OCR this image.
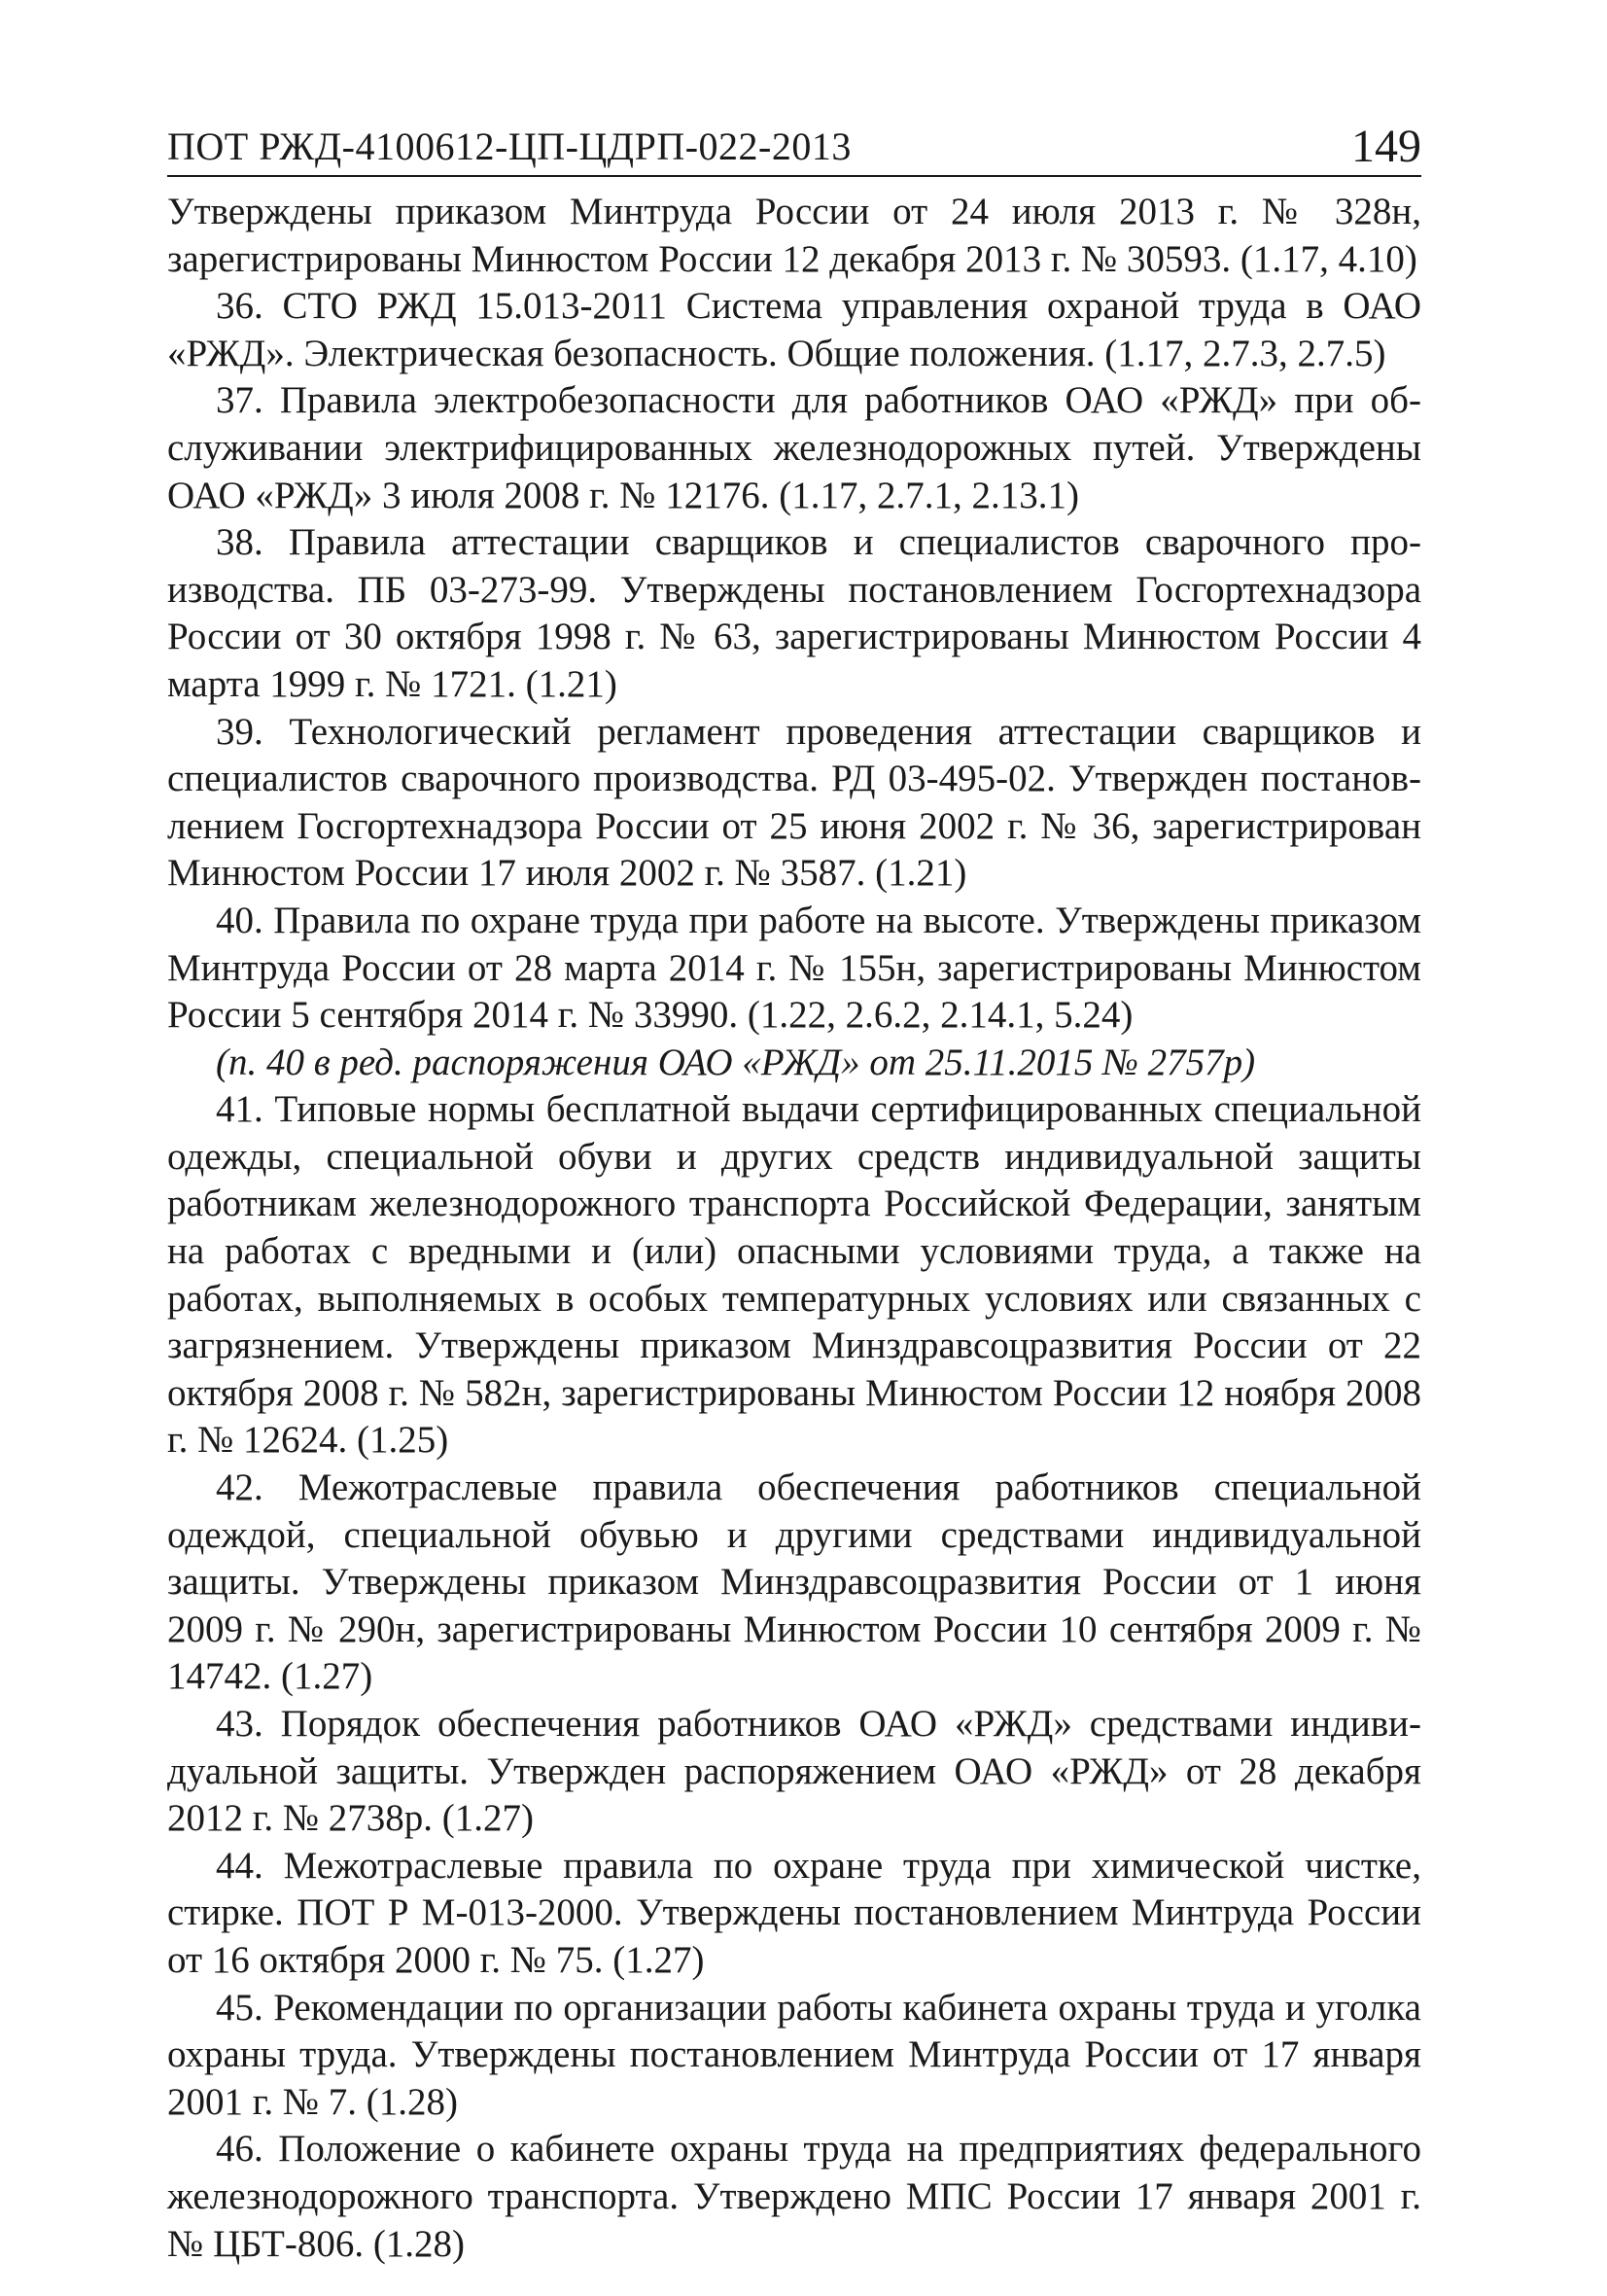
ПОТ РЖД-4100612-ЦП-ЦДРП-022-2013	149

Утверждены приказом Минтруда России от 24 июля 2013 г. № 328н, зарегистрированы Минюстом России 12 декабря 2013 г. № 30593. (1.17, 4.10)

36. СТО РЖД 15.013-2011 Система управления охраной труда в ОАО «РЖД». Электрическая безопасность. Общие положения. (1.17, 2.7.3, 2.7.5)

37. Правила электробезопасности для работников ОАО «РЖД» при обслуживании электрифицированных железнодорожных путей. Утверждены ОАО «РЖД» 3 июля 2008 г. № 12176. (1.17, 2.7.1, 2.13.1)

38. Правила аттестации сварщиков и специалистов сварочного производства. ПБ 03-273-99. Утверждены постановлением Госгортехнадзора России от 30 октября 1998 г. № 63, зарегистрированы Минюстом России 4 марта 1999 г. № 1721. (1.21)

39. Технологический регламент проведения аттестации сварщиков и специалистов сварочного производства. РД 03-495-02. Утвержден постановлением Госгортехнадзора России от 25 июня 2002 г. № 36, зарегистрирован Минюстом России 17 июля 2002 г. № 3587. (1.21)

40. Правила по охране труда при работе на высоте. Утверждены приказом Минтруда России от 28 марта 2014 г. № 155н, зарегистрированы Минюстом России 5 сентября 2014 г. № 33990. (1.22, 2.6.2, 2.14.1, 5.24)

(п. 40 в ред. распоряжения ОАО «РЖД» от 25.11.2015 № 2757р)

41. Типовые нормы бесплатной выдачи сертифицированных специальной одежды, специальной обуви и других средств индивидуальной защиты работникам железнодорожного транспорта Российской Федерации, занятым на работах с вредными и (или) опасными условиями труда, а также на работах, выполняемых в особых температурных условиях или связанных с загрязнением. Утверждены приказом Минздравсоцразвития России от 22 октября 2008 г. № 582н, зарегистрированы Минюстом России 12 ноября 2008 г. № 12624. (1.25)

42. Межотраслевые правила обеспечения работников специальной одеждой, специальной обувью и другими средствами индивидуальной защиты. Утверждены приказом Минздравсоцразвития России от 1 июня 2009 г. № 290н, зарегистрированы Минюстом России 10 сентября 2009 г. № 14742. (1.27)

43. Порядок обеспечения работников ОАО «РЖД» средствами индивидуальной защиты. Утвержден распоряжением ОАО «РЖД» от 28 декабря 2012 г. № 2738р. (1.27)

44. Межотраслевые правила по охране труда при химической чистке, стирке. ПОТ Р М-013-2000. Утверждены постановлением Минтруда России от 16 октября 2000 г. № 75. (1.27)

45. Рекомендации по организации работы кабинета охраны труда и уголка охраны труда. Утверждены постановлением Минтруда России от 17 января 2001 г. № 7. (1.28)

46. Положение о кабинете охраны труда на предприятиях федерального железнодорожного транспорта. Утверждено МПС России 17 января 2001 г. № ЦБТ-806. (1.28)
